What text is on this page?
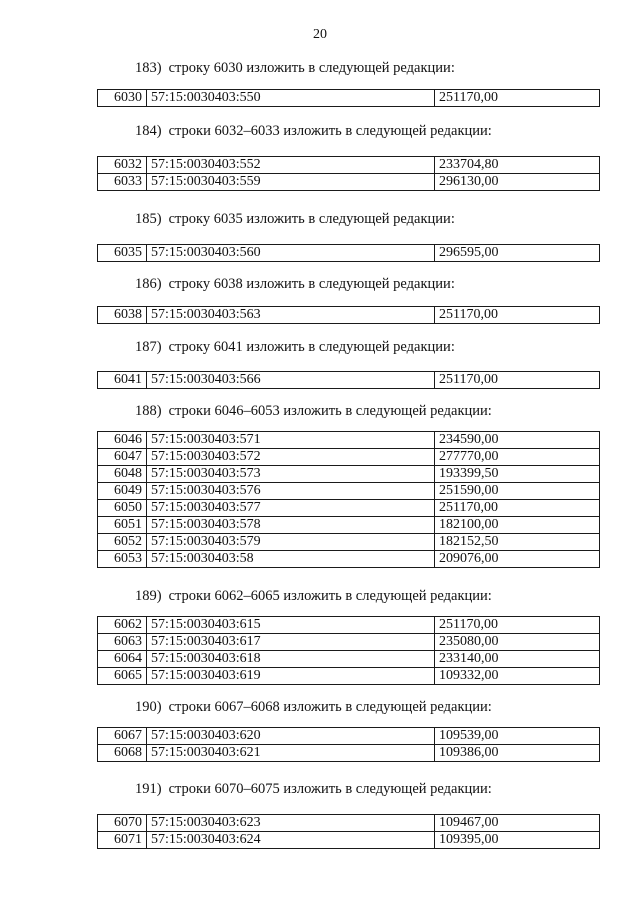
20
183) строку 6030 изложить в следующей редакции:
6030	57:15:0030403:550	251170,00
184) строки 6032–6033 изложить в следующей редакции:
6032	57:15:0030403:552	233704,80
6033	57:15:0030403:559	296130,00
185) строку 6035 изложить в следующей редакции:
6035	57:15:0030403:560	296595,00
186) строку 6038 изложить в следующей редакции:
6038	57:15:0030403:563	251170,00
187) строку 6041 изложить в следующей редакции:
6041	57:15:0030403:566	251170,00
188) строки 6046–6053 изложить в следующей редакции:
6046	57:15:0030403:571	234590,00
6047	57:15:0030403:572	277770,00
6048	57:15:0030403:573	193399,50
6049	57:15:0030403:576	251590,00
6050	57:15:0030403:577	251170,00
6051	57:15:0030403:578	182100,00
6052	57:15:0030403:579	182152,50
6053	57:15:0030403:58	209076,00
189) строки 6062–6065 изложить в следующей редакции:
6062	57:15:0030403:615	251170,00
6063	57:15:0030403:617	235080,00
6064	57:15:0030403:618	233140,00
6065	57:15:0030403:619	109332,00
190) строки 6067–6068 изложить в следующей редакции:
6067	57:15:0030403:620	109539,00
6068	57:15:0030403:621	109386,00
191) строки 6070–6075 изложить в следующей редакции:
6070	57:15:0030403:623	109467,00
6071	57:15:0030403:624	109395,00
